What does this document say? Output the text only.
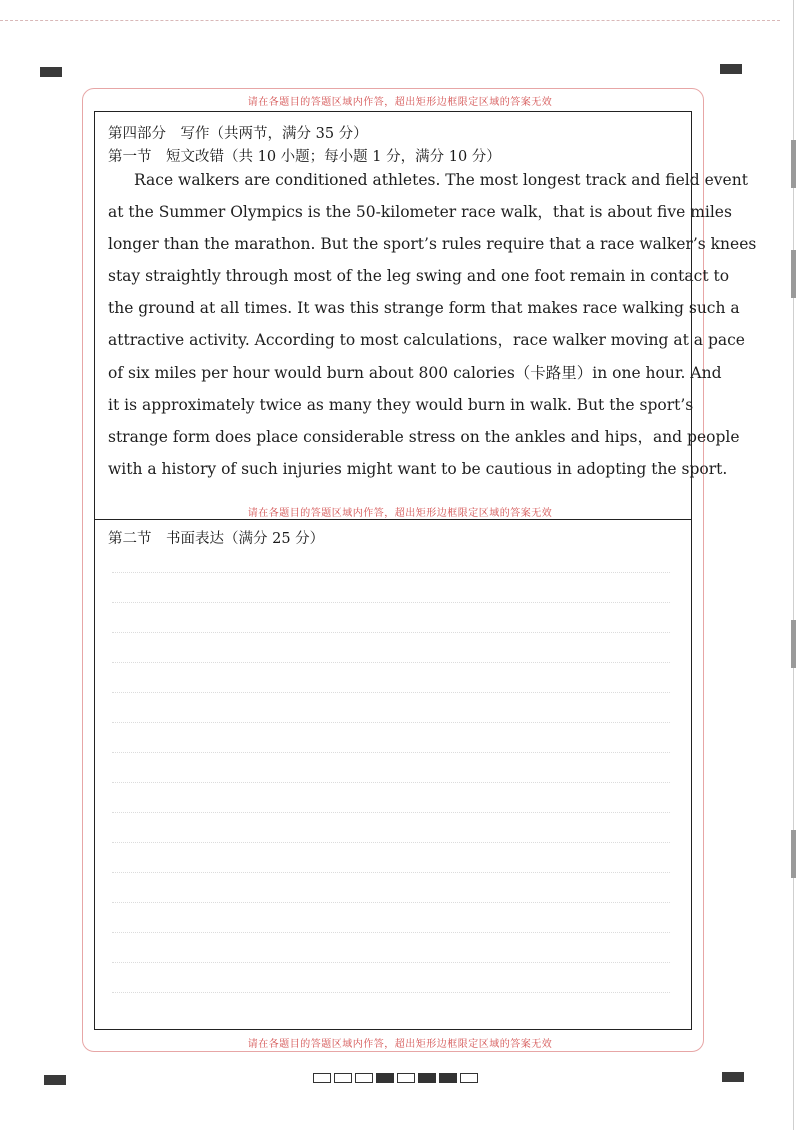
请在各题目的答题区域内作答，超出矩形边框限定区域的答案无效
第四部分　写作（共两节，满分 35 分）
第一节　短文改错（共 10 小题；每小题 1 分，满分 10 分）
Race walkers are conditioned athletes. The most longest track and field event
at the Summer Olympics is the 50-kilometer race walk，that is about five miles
longer than the marathon. But the sport’s rules require that a race walker’s knees
stay straightly through most of the leg swing and one foot remain in contact to
the ground at all times. It was this strange form that makes race walking such a
attractive activity. According to most calculations，race walker moving at a pace
of six miles per hour would burn about 800 calories（卡路里）in one hour. And
it is approximately twice as many they would burn in walk. But the sport’s
strange form does place considerable stress on the ankles and hips，and people
with a history of such injuries might want to be cautious in adopting the sport.
请在各题目的答题区域内作答，超出矩形边框限定区域的答案无效
第二节　书面表达（满分 25 分）
请在各题目的答题区域内作答，超出矩形边框限定区域的答案无效
